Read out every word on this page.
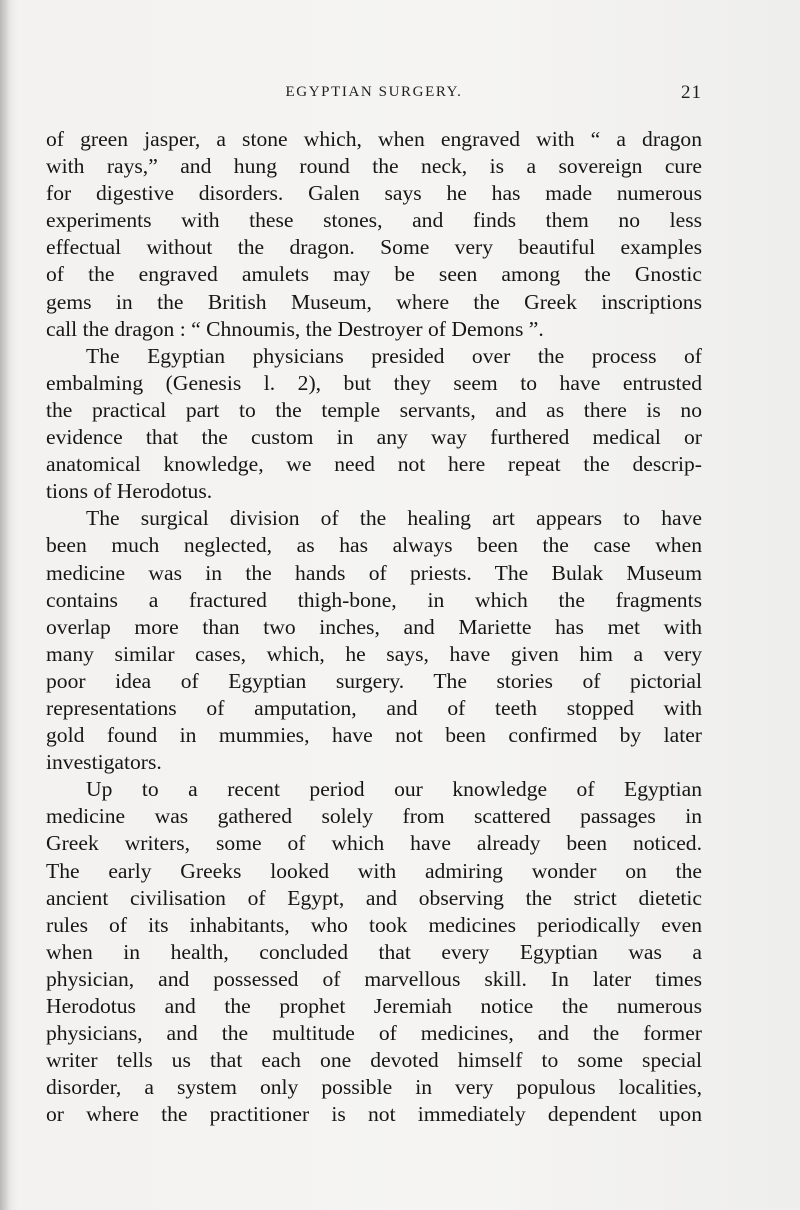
EGYPTIAN SURGERY.	21
of green jasper, a stone which, when engraved with “ a dragon
with rays,” and hung round the neck, is a sovereign cure
for digestive disorders. Galen says he has made numerous
experiments with these stones, and finds them no less
effectual without the dragon. Some very beautiful examples
of the engraved amulets may be seen among the Gnostic
gems in the British Museum, where the Greek inscriptions
call the dragon : “ Chnoumis, the Destroyer of Demons ”.
The Egyptian physicians presided over the process of
embalming (Genesis l. 2), but they seem to have entrusted
the practical part to the temple servants, and as there is no
evidence that the custom in any way furthered medical or
anatomical knowledge, we need not here repeat the descrip-
tions of Herodotus.
The surgical division of the healing art appears to have
been much neglected, as has always been the case when
medicine was in the hands of priests. The Bulak Museum
contains a fractured thigh-bone, in which the fragments
overlap more than two inches, and Mariette has met with
many similar cases, which, he says, have given him a very
poor idea of Egyptian surgery. The stories of pictorial
representations of amputation, and of teeth stopped with
gold found in mummies, have not been confirmed by later
investigators.
Up to a recent period our knowledge of Egyptian
medicine was gathered solely from scattered passages in
Greek writers, some of which have already been noticed.
The early Greeks looked with admiring wonder on the
ancient civilisation of Egypt, and observing the strict dietetic
rules of its inhabitants, who took medicines periodically even
when in health, concluded that every Egyptian was a
physician, and possessed of marvellous skill. In later times
Herodotus and the prophet Jeremiah notice the numerous
physicians, and the multitude of medicines, and the former
writer tells us that each one devoted himself to some special
disorder, a system only possible in very populous localities,
or where the practitioner is not immediately dependent upon
